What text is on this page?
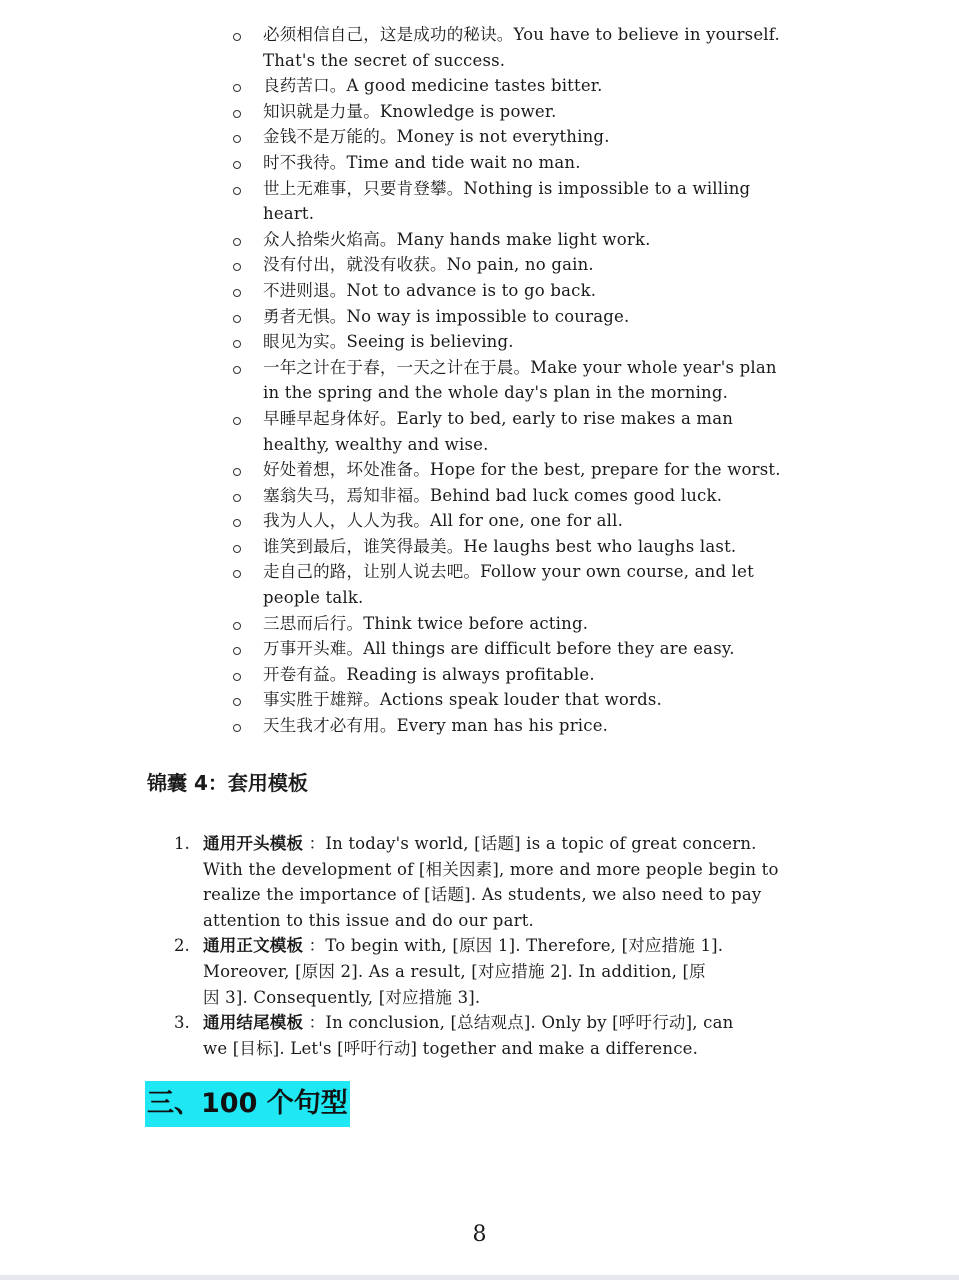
必须相信自己，这是成功的秘诀。You have to believe in yourself.
That's the secret of success.
良药苦口。A good medicine tastes bitter.
知识就是力量。Knowledge is power.
金钱不是万能的。Money is not everything.
时不我待。Time and tide wait no man.
世上无难事，只要肯登攀。Nothing is impossible to a willing
heart.
众人拾柴火焰高。Many hands make light work.
没有付出，就没有收获。No pain, no gain.
不进则退。Not to advance is to go back.
勇者无惧。No way is impossible to courage.
眼见为实。Seeing is believing.
一年之计在于春，一天之计在于晨。Make your whole year's plan
in the spring and the whole day's plan in the morning.
早睡早起身体好。Early to bed, early to rise makes a man
healthy, wealthy and wise.
好处着想，坏处准备。Hope for the best, prepare for the worst.
塞翁失马，焉知非福。Behind bad luck comes good luck.
我为人人，人人为我。All for one, one for all.
谁笑到最后，谁笑得最美。He laughs best who laughs last.
走自己的路，让别人说去吧。Follow your own course, and let
people talk.
三思而后行。Think twice before acting.
万事开头难。All things are difficult before they are easy.
开卷有益。Reading is always profitable.
事实胜于雄辩。Actions speak louder that words.
天生我才必有用。Every man has his price.
锦囊 4：套用模板
1. 通用开头模板 ：In today's world, [话题] is a topic of great concern.
With the development of [相关因素], more and more people begin to
realize the importance of [话题]. As students, we also need to pay
attention to this issue and do our part.
2. 通用正文模板 ：To begin with, [原因 1]. Therefore, [对应措施 1].
Moreover, [原因 2]. As a result, [对应措施 2]. In addition, [原
因 3]. Consequently, [对应措施 3].
3. 通用结尾模板 ：In conclusion, [总结观点]. Only by [呼吁行动], can
we [目标]. Let's [呼吁行动] together and make a difference.
三、100 个句型
8
